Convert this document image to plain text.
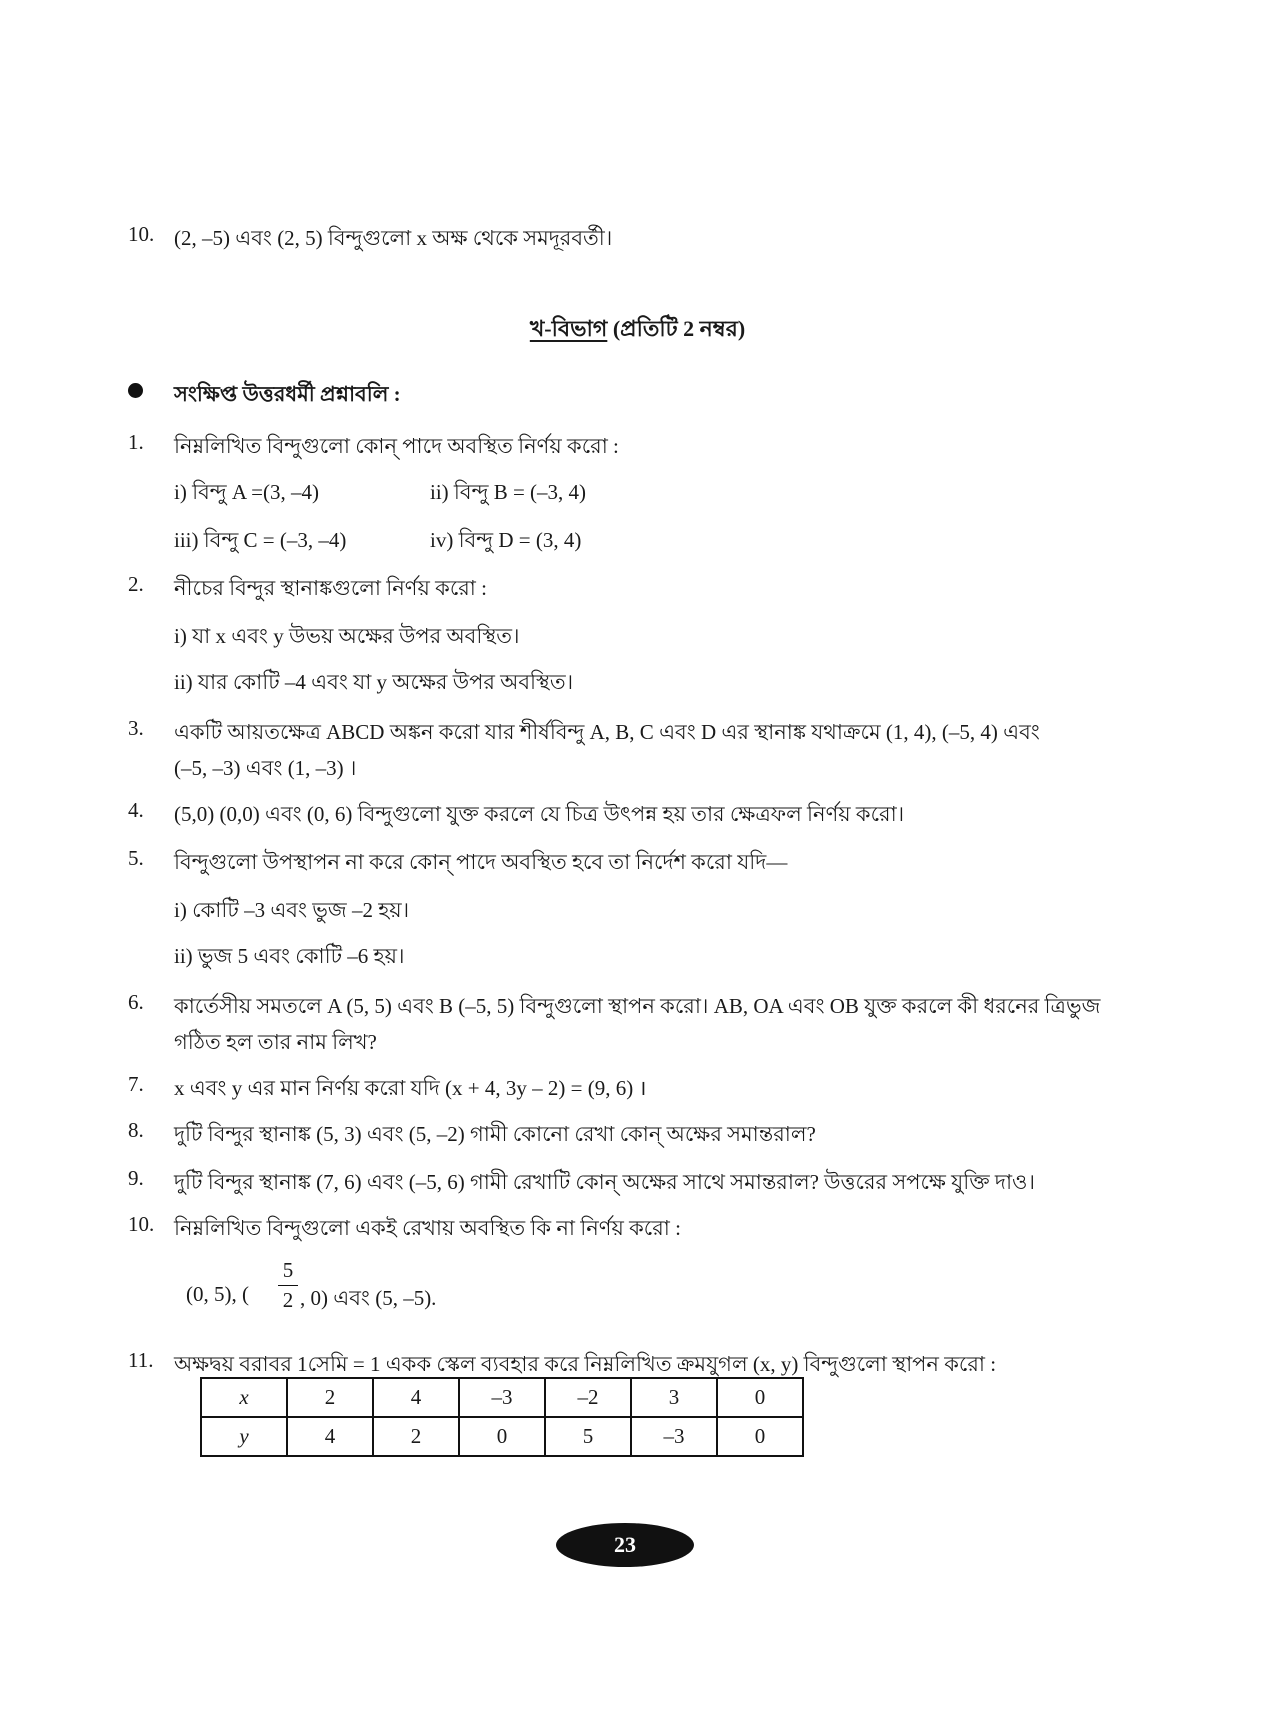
10. (2, –5) এবং (2, 5) বিন্দুগুলো x অক্ষ থেকে সমদূরবর্তী।
খ-বিভাগ (প্রতিটি 2 নম্বর)
সংক্ষিপ্ত উত্তরধর্মী প্রশ্নাবলি :
1. নিম্নলিখিত বিন্দুগুলো কোন্ পাদে অবস্থিত নির্ণয় করো :
i) বিন্দু A =(3, –4)	ii) বিন্দু B = (–3, 4)
iii) বিন্দু C = (–3, –4)	iv) বিন্দু D = (3, 4)
2. নীচের বিন্দুর স্থানাঙ্কগুলো নির্ণয় করো :
i) যা x এবং y উভয় অক্ষের উপর অবস্থিত।
ii) যার কোটি –4 এবং যা y অক্ষের উপর অবস্থিত।
3. একটি আয়তক্ষেত্র ABCD অঙ্কন করো যার শীর্ষবিন্দু A, B, C এবং D এর স্থানাঙ্ক যথাক্রমে (1, 4), (–5, 4) এবং
(–5, –3) এবং (1, –3) ।
4. (5,0) (0,0) এবং (0, 6) বিন্দুগুলো যুক্ত করলে যে চিত্র উৎপন্ন হয় তার ক্ষেত্রফল নির্ণয় করো।
5. বিন্দুগুলো উপস্থাপন না করে কোন্ পাদে অবস্থিত হবে তা নির্দেশ করো যদি—
i) কোটি –3 এবং ভুজ –2 হয়।
ii) ভুজ 5 এবং কোটি –6 হয়।
6. কার্তেসীয় সমতলে A (5, 5) এবং B (–5, 5) বিন্দুগুলো স্থাপন করো। AB, OA এবং OB যুক্ত করলে কী ধরনের ত্রিভুজ
গঠিত হল তার নাম লিখ?
7. x এবং y এর মান নির্ণয় করো যদি (x + 4, 3y – 2) = (9, 6) ।
8. দুটি বিন্দুর স্থানাঙ্ক (5, 3) এবং (5, –2) গামী কোনো রেখা কোন্ অক্ষের সমান্তরাল?
9. দুটি বিন্দুর স্থানাঙ্ক (7, 6) এবং (–5, 6) গামী রেখাটি কোন্ অক্ষের সাথে সমান্তরাল? উত্তরের সপক্ষে যুক্তি দাও।
10. নিম্নলিখিত বিন্দুগুলো একই রেখায় অবস্থিত কি না নির্ণয় করো :
(0, 5), (
5
2 , 0) এবং (5, –5).
11. অক্ষদ্বয় বরাবর 1সেমি = 1 একক স্কেল ব্যবহার করে নিম্নলিখিত ক্রমযুগল (x, y) বিন্দুগুলো স্থাপন করো :
x	2	4	–3	–2	3	0
y	4	2	0	5	–3	0
23
